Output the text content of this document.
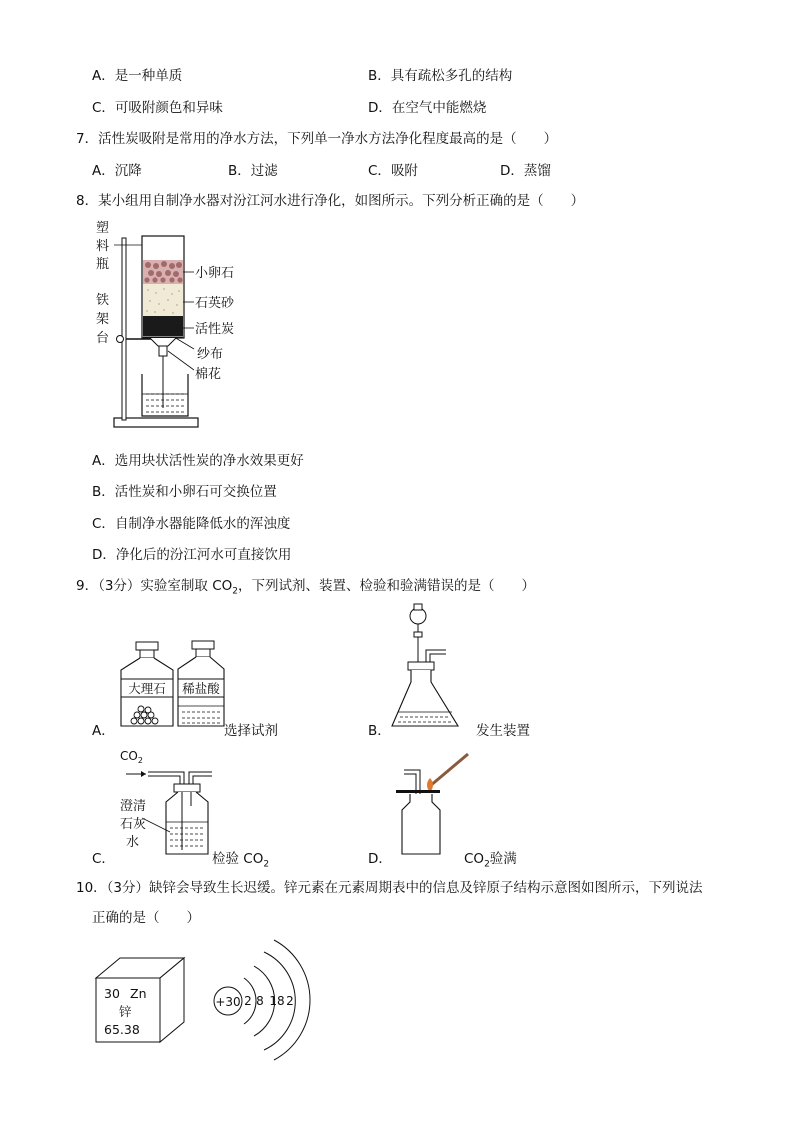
A．是一种单质	B．具有疏松多孔的结构
C．可吸附颜色和异味	D．在空气中能燃烧
7．活性炭吸附是常用的净水方法，下列单一净水方法净化程度最高的是（　　）
A．沉降	B．过滤	C．吸附	D．蒸馏
8．某小组用自制净水器对汾江河水进行净化，如图所示。下列分析正确的是（　　）
塑
料
瓶
铁
架
台
小卵石
石英砂
活性炭
纱布
棉花
A．选用块状活性炭的净水效果更好
B．活性炭和小卵石可交换位置
C．自制净水器能降低水的浑浊度
D．净化后的汾江河水可直接饮用
9．（3分）实验室制取 $CO_2$，下列试剂、装置、检验和验满错误的是（　　）
A．
大理石 稀盐酸
选择试剂	B．	发生装置
C．
$CO_2$
澄清
石灰
水
检验 $CO_2$	D．	$CO_2$验满
10．（3分）缺锌会导致生长迟缓。锌元素在元素周期表中的信息及锌原子结构示意图如图所示，下列说法
正确的是（　　）
30 Zn
锌
65.38
+30 2 8 18 2
